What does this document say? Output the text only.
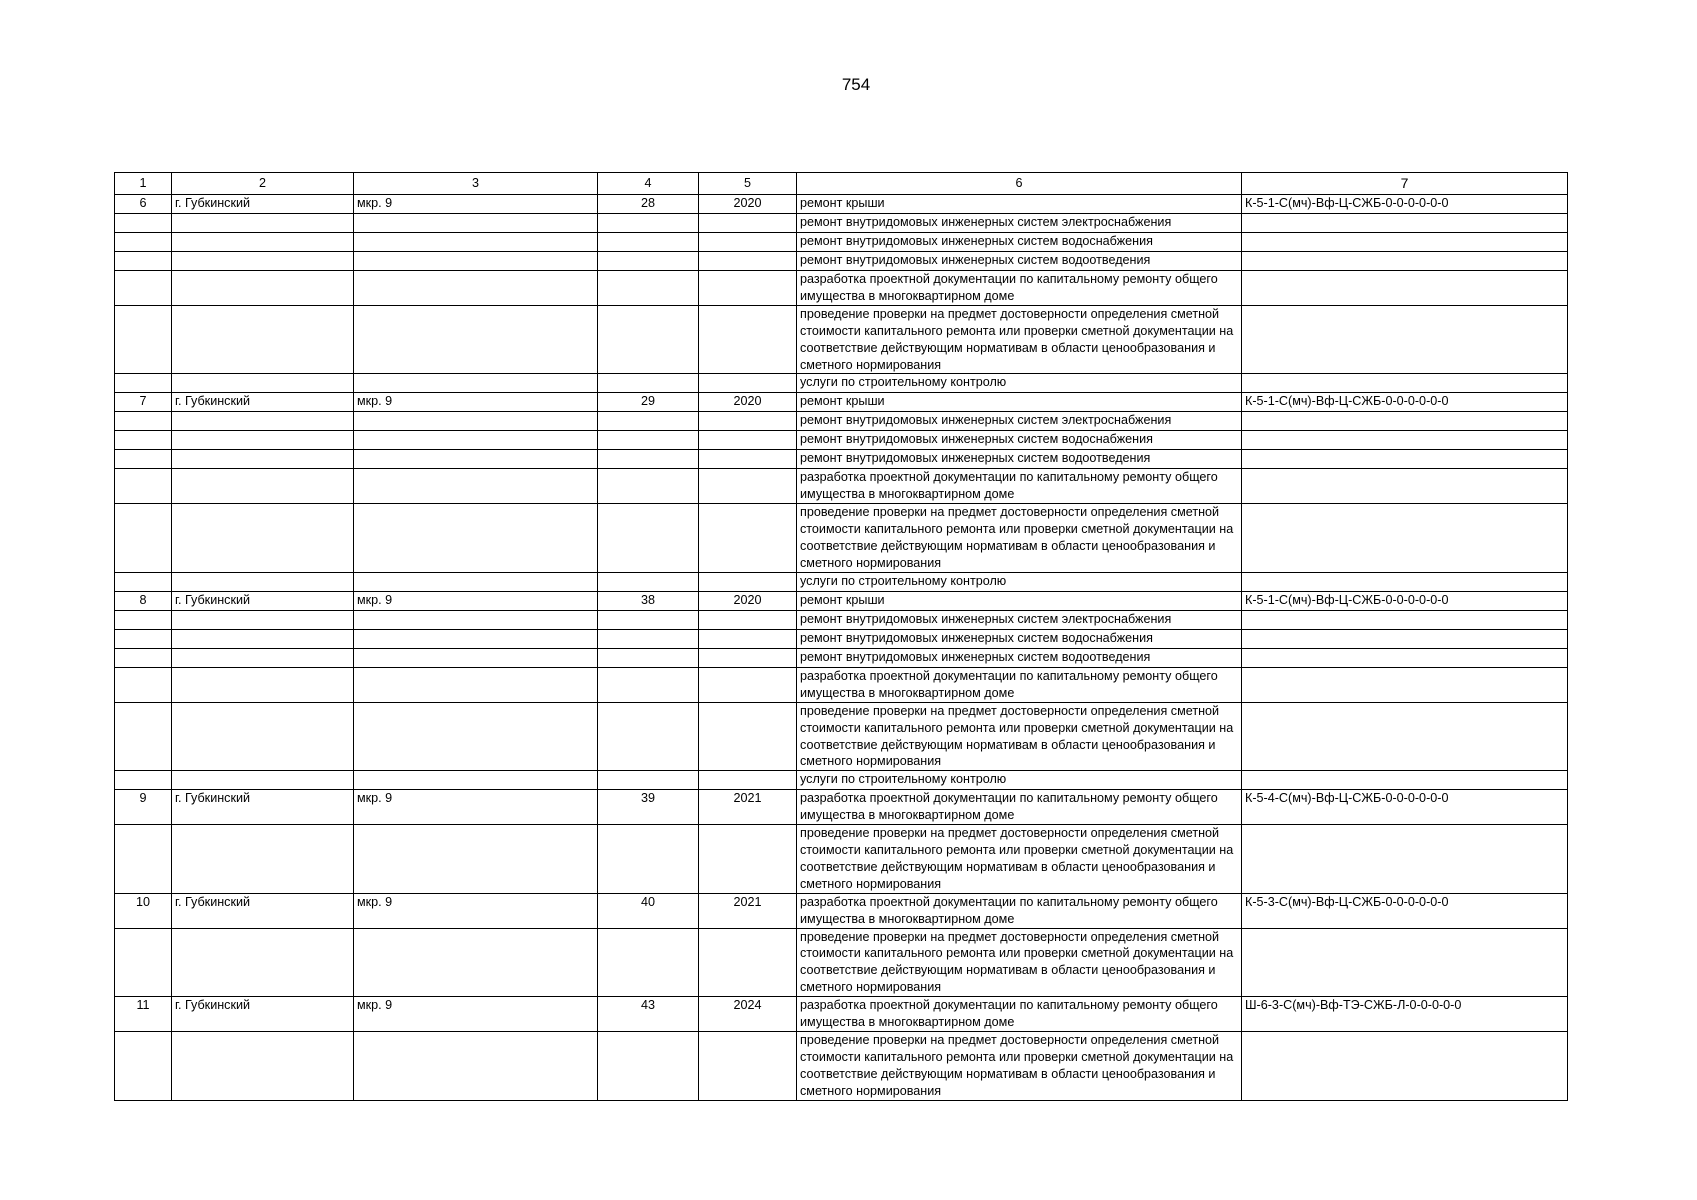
754
1	2	3	4	5	6	7
6	г. Губкинский	мкр. 9	28	2020	ремонт крыши	К-5-1-С(мч)-Вф-Ц-СЖБ-0-0-0-0-0-0
					ремонт внутридомовых инженерных систем электроснабжения	
					ремонт внутридомовых инженерных систем водоснабжения	
					ремонт внутридомовых инженерных систем водоотведения	
					разработка проектной документации по капитальному ремонту общего имущества в многоквартирном доме	
					проведение проверки на предмет достоверности определения сметной стоимости капитального ремонта или проверки сметной документации на соответствие действующим нормативам в области ценообразования и сметного нормирования	
					услуги по строительному контролю	
7	г. Губкинский	мкр. 9	29	2020	ремонт крыши	К-5-1-С(мч)-Вф-Ц-СЖБ-0-0-0-0-0-0
					ремонт внутридомовых инженерных систем электроснабжения	
					ремонт внутридомовых инженерных систем водоснабжения	
					ремонт внутридомовых инженерных систем водоотведения	
					разработка проектной документации по капитальному ремонту общего имущества в многоквартирном доме	
					проведение проверки на предмет достоверности определения сметной стоимости капитального ремонта или проверки сметной документации на соответствие действующим нормативам в области ценообразования и сметного нормирования	
					услуги по строительному контролю	
8	г. Губкинский	мкр. 9	38	2020	ремонт крыши	К-5-1-С(мч)-Вф-Ц-СЖБ-0-0-0-0-0-0
					ремонт внутридомовых инженерных систем электроснабжения	
					ремонт внутридомовых инженерных систем водоснабжения	
					ремонт внутридомовых инженерных систем водоотведения	
					разработка проектной документации по капитальному ремонту общего имущества в многоквартирном доме	
					проведение проверки на предмет достоверности определения сметной стоимости капитального ремонта или проверки сметной документации на соответствие действующим нормативам в области ценообразования и сметного нормирования	
					услуги по строительному контролю	
9	г. Губкинский	мкр. 9	39	2021	разработка проектной документации по капитальному ремонту общего имущества в многоквартирном доме	К-5-4-С(мч)-Вф-Ц-СЖБ-0-0-0-0-0-0
					проведение проверки на предмет достоверности определения сметной стоимости капитального ремонта или проверки сметной документации на соответствие действующим нормативам в области ценообразования и сметного нормирования	
10	г. Губкинский	мкр. 9	40	2021	разработка проектной документации по капитальному ремонту общего имущества в многоквартирном доме	К-5-3-С(мч)-Вф-Ц-СЖБ-0-0-0-0-0-0
					проведение проверки на предмет достоверности определения сметной стоимости капитального ремонта или проверки сметной документации на соответствие действующим нормативам в области ценообразования и сметного нормирования	
11	г. Губкинский	мкр. 9	43	2024	разработка проектной документации по капитальному ремонту общего имущества в многоквартирном доме	Ш-6-3-С(мч)-Вф-ТЭ-СЖБ-Л-0-0-0-0-0
					проведение проверки на предмет достоверности определения сметной стоимости капитального ремонта или проверки сметной документации на соответствие действующим нормативам в области ценообразования и сметного нормирования	
